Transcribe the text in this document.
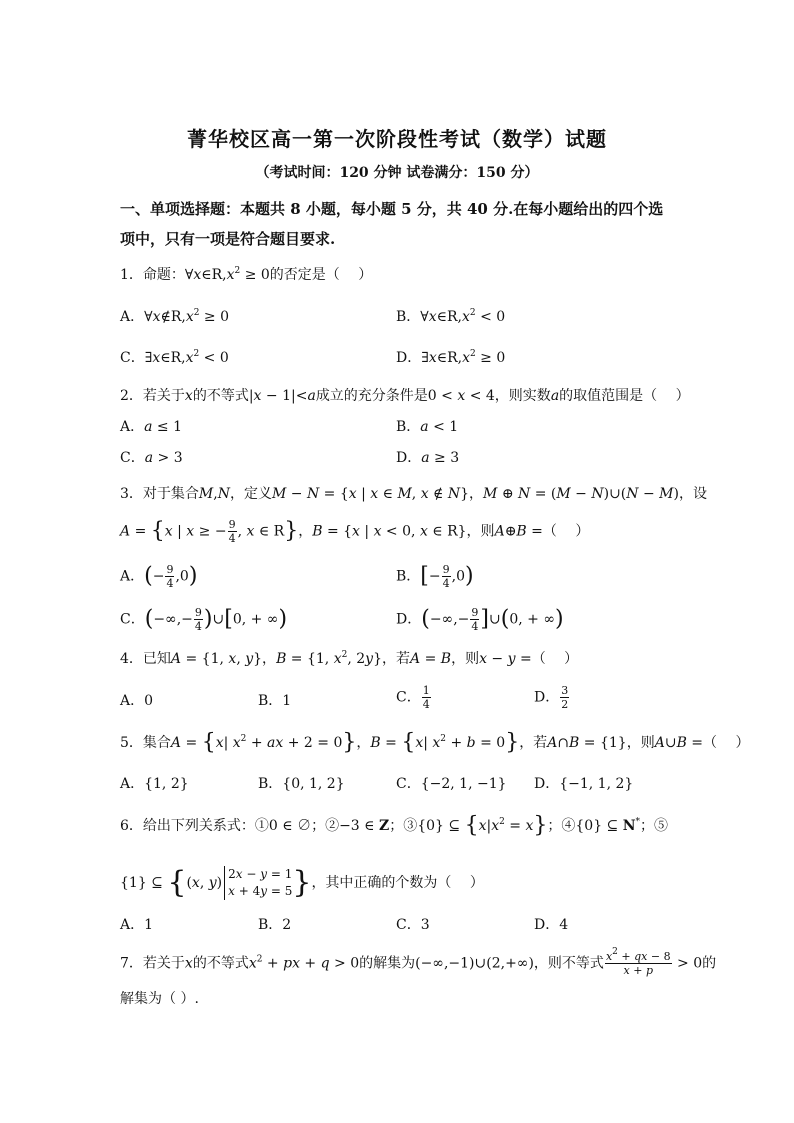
菁华校区高一第一次阶段性考试（数学）试题
（考试时间：120 分钟 试卷满分：150 分）
一、单项选择题：本题共 8 小题，每小题 5 分，共 40 分.在每小题给出的四个选
项中，只有一项是符合题目要求.
1．命题：$\forall x\in R,x^2 \ge 0$的否定是（　 ）
A．$\forall x\notin R,x^2 \ge 0$	B．$\forall x\in R,x^2 < 0$
C．$\exists x\in R,x^2 < 0$	D．$\exists x\in R,x^2 \ge 0$
2．若关于x的不等式|x − 1|<a成立的充分条件是0 < x < 4，则实数a的取值范围是（　 ）
A．a ≤ 1	B．a < 1
C．a > 3	D．a ≥ 3
3．对于集合M,N，定义M − N = {x | x ∈ M, x ∉ N}，M ⊕ N = (M − N)∪(N − M)，设
A = {x | x ≥ − $\frac{9}{4}$ , x ∈ R}，B = {x | x < 0, x ∈ R}，则A⊕B =（　 ）
A．(− $\frac{9}{4} ,0$)	B．[− $\frac{9}{4} ,0$)
C．(−∞,− $\frac{9}{4}$ )∪[0, + ∞)	D．(−∞,− $\frac{9}{4}$ ]∪(0, + ∞)
4．已知A = {1, x, y}，B = {1, $x^2$, 2y}，若A = B，则x − y =（　 ）
A．0	B．1	C． $\frac{1}{4}$	D． $\frac{3}{2}$
5．集合A = {x| $x^2$ + ax + 2 = 0}，B = {x| $x^2 + b = 0$}，若A∩B = {1}，则A∪B =（　 ）
A．{1, 2}	B．{0, 1, 2}	C．{−2, 1, −1} D．{−1, 1, 2}
6．给出下列关系式：①0 ∈ ∅；②−3 ∈ Z；③{0} ⊆ $\{x|x^2 = x\}$；④{0} ⊆ N*；⑤
{1} ⊆ {(x, y)
2x − y = 1
x + 4y = 5 }，其中正确的个数为（　 ）
A．1	B．2	C．3	D．4
7．若关于x的不等式$x^2$ + px + q > 0的解集为(−∞,−1)∪(2,+∞)，则不等式 $\frac{x^2 + qx - 8}{x + p} > 0$的
解集为（ ）.
